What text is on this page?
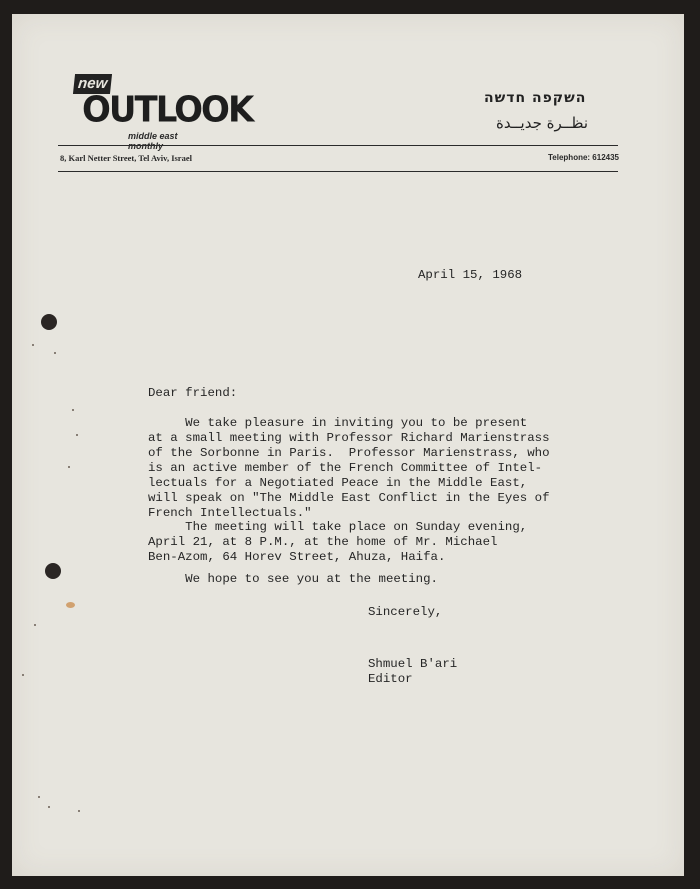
new
OUTLOOK
middle east monthly
השקפה חדשה
نظــرة جديــدة
8, Karl Netter Street, Tel Aviv, Israel	Telephone: 612435
April 15, 1968
Dear friend:
We take pleasure in inviting you to be present
at a small meeting with Professor Richard Marienstrass
of the Sorbonne in Paris.  Professor Marienstrass, who
is an active member of the French Committee of Intel-
lectuals for a Negotiated Peace in the Middle East,
will speak on "The Middle East Conflict in the Eyes of
French Intellectuals."
The meeting will take place on Sunday evening,
April 21, at 8 P.M., at the home of Mr. Michael
Ben-Azom, 64 Horev Street, Ahuza, Haifa.
We hope to see you at the meeting.
Sincerely,
Shmuel B'ari
Editor
